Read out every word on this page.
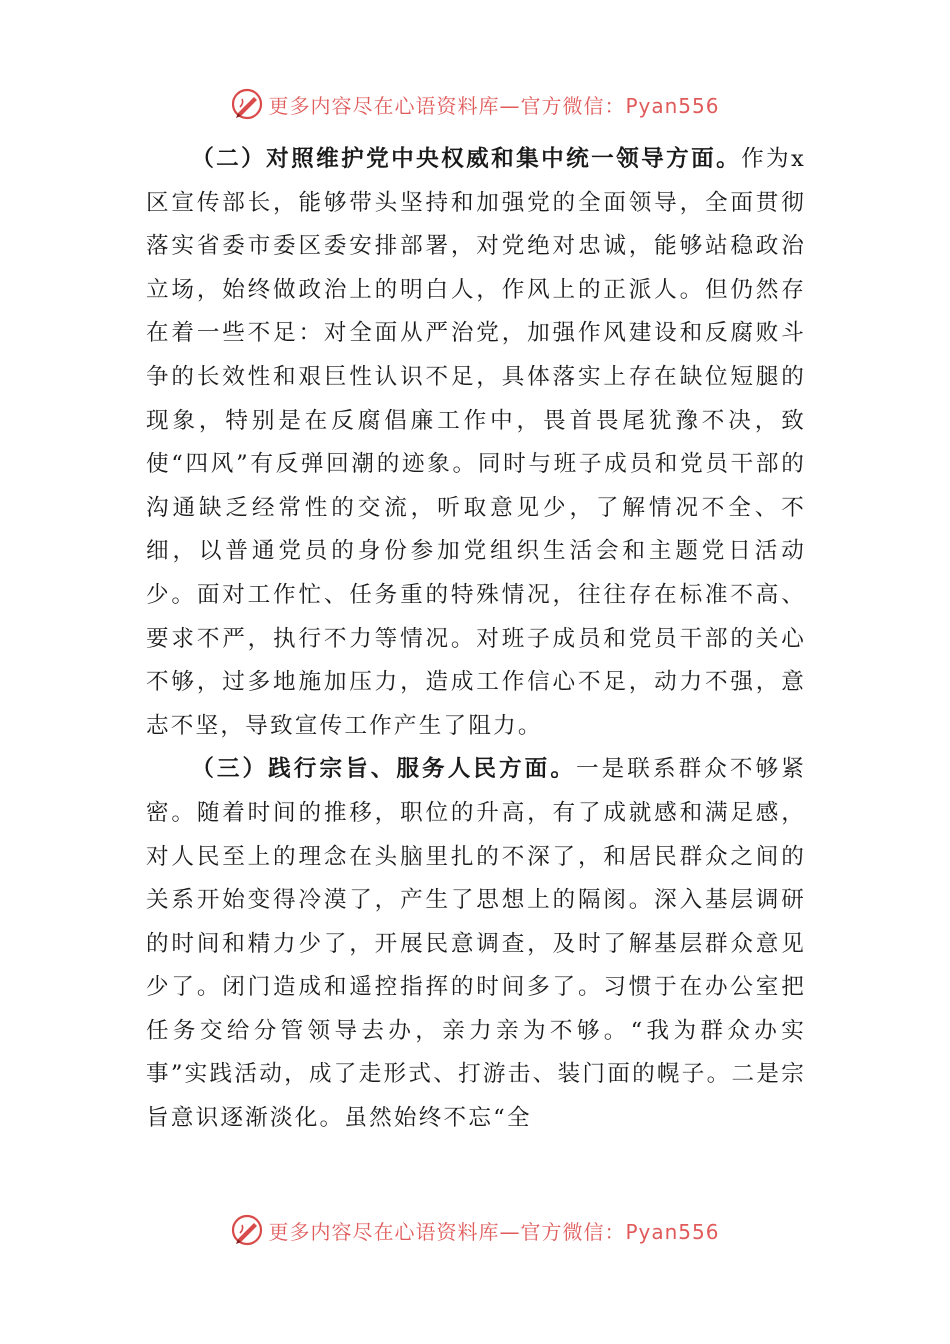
更多内容尽在心语资料库—官方微信：Pyan556

（二）对照维护党中央权威和集中统一领导方面。作为x区宣传部长，能够带头坚持和加强党的全面领导，全面贯彻落实省委市委区委安排部署，对党绝对忠诚，能够站稳政治立场，始终做政治上的明白人，作风上的正派人。但仍然存在着一些不足：对全面从严治党，加强作风建设和反腐败斗争的长效性和艰巨性认识不足，具体落实上存在缺位短腿的现象，特别是在反腐倡廉工作中，畏首畏尾犹豫不决，致使“四风”有反弹回潮的迹象。同时与班子成员和党员干部的沟通缺乏经常性的交流，听取意见少，了解情况不全、不细，以普通党员的身份参加党组织生活会和主题党日活动少。面对工作忙、任务重的特殊情况，往往存在标准不高、要求不严，执行不力等情况。对班子成员和党员干部的关心不够，过多地施加压力，造成工作信心不足，动力不强，意志不坚，导致宣传工作产生了阻力。

（三）践行宗旨、服务人民方面。一是联系群众不够紧密。随着时间的推移，职位的升高，有了成就感和满足感，对人民至上的理念在头脑里扎的不深了，和居民群众之间的关系开始变得冷漠了，产生了思想上的隔阂。深入基层调研的时间和精力少了，开展民意调查，及时了解基层群众意见少了。闭门造成和遥控指挥的时间多了。习惯于在办公室把任务交给分管领导去办，亲力亲为不够。“我为群众办实事”实践活动，成了走形式、打游击、装门面的幌子。二是宗旨意识逐渐淡化。虽然始终不忘“全

更多内容尽在心语资料库—官方微信：Pyan556
